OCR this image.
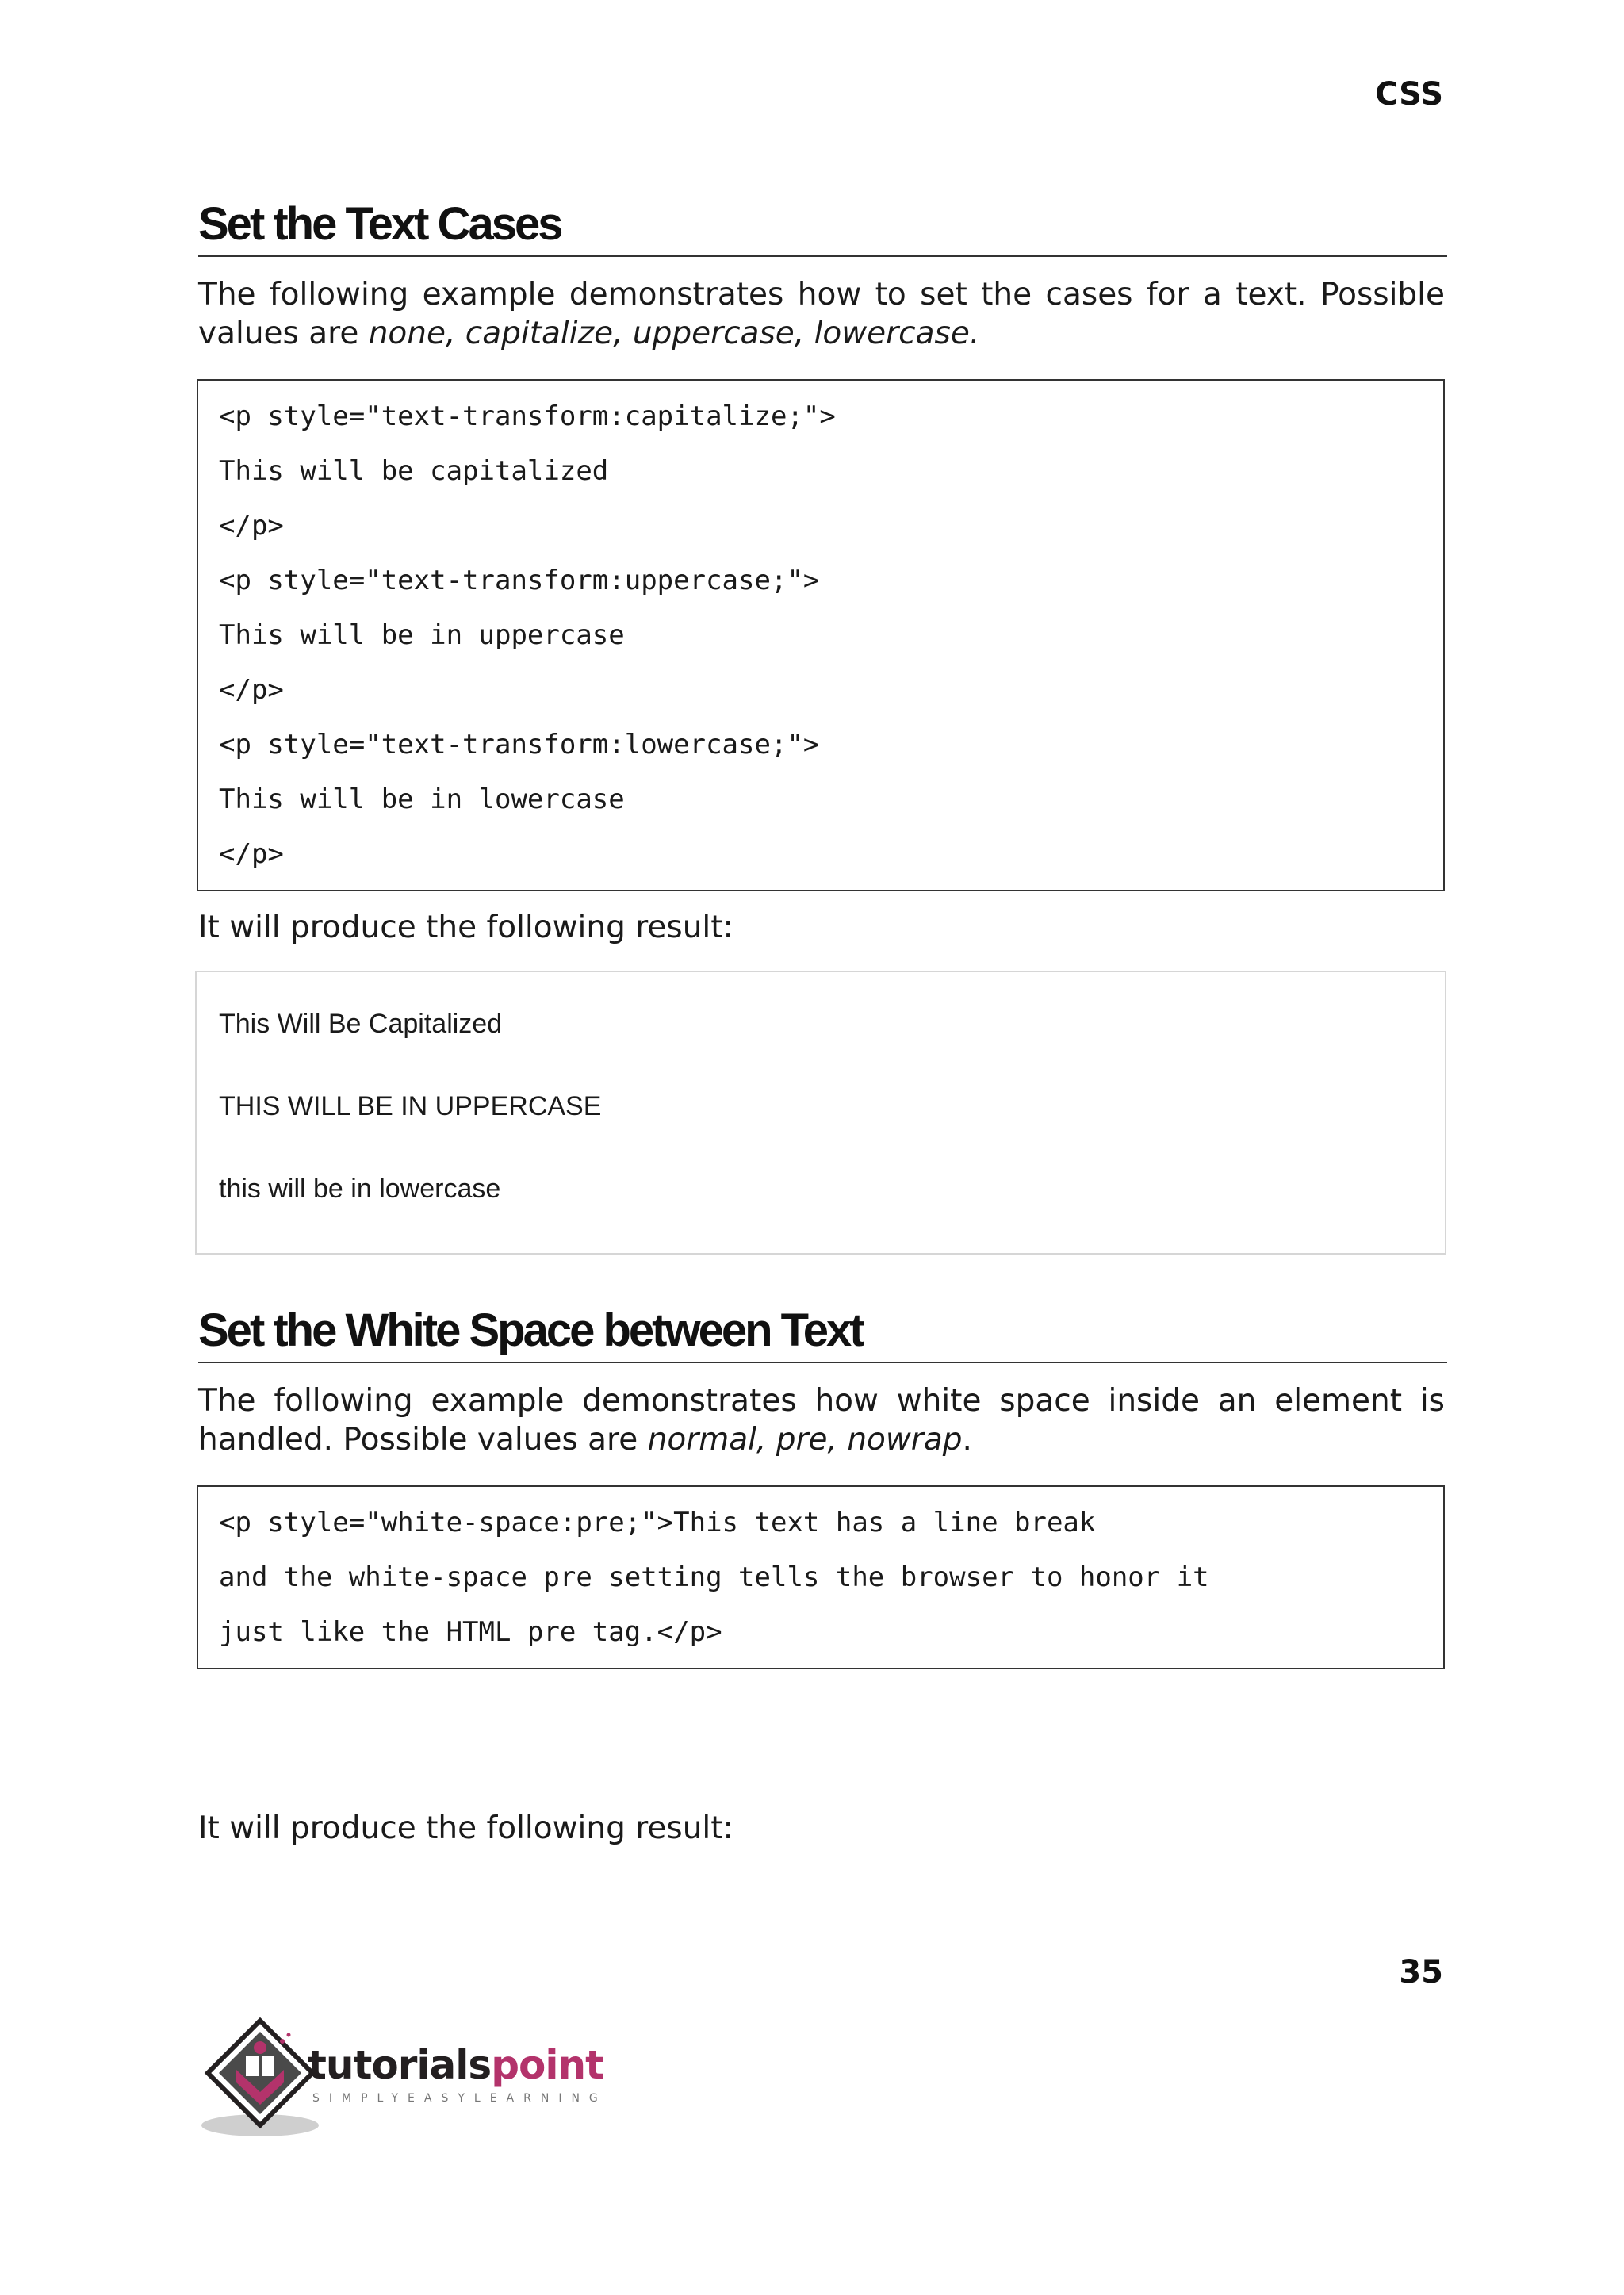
CSS
Set the Text Cases
The following example demonstrates how to set the cases for a text. Possible values are none, capitalize, uppercase, lowercase.
<p style="text-transform:capitalize;">
This will be capitalized
</p>
<p style="text-transform:uppercase;">
This will be in uppercase
</p>
<p style="text-transform:lowercase;">
This will be in lowercase
</p>
It will produce the following result:
This Will Be Capitalized
THIS WILL BE IN UPPERCASE
this will be in lowercase
Set the White Space between Text
The following example demonstrates how white space inside an element is handled. Possible values are normal, pre, nowrap.
<p style="white-space:pre;">This text has a line break
and the white-space pre setting tells the browser to honor it
just like the HTML pre tag.</p>
It will produce the following result:
35
tutorialspoint
SIMPLYEASYLEARNING
